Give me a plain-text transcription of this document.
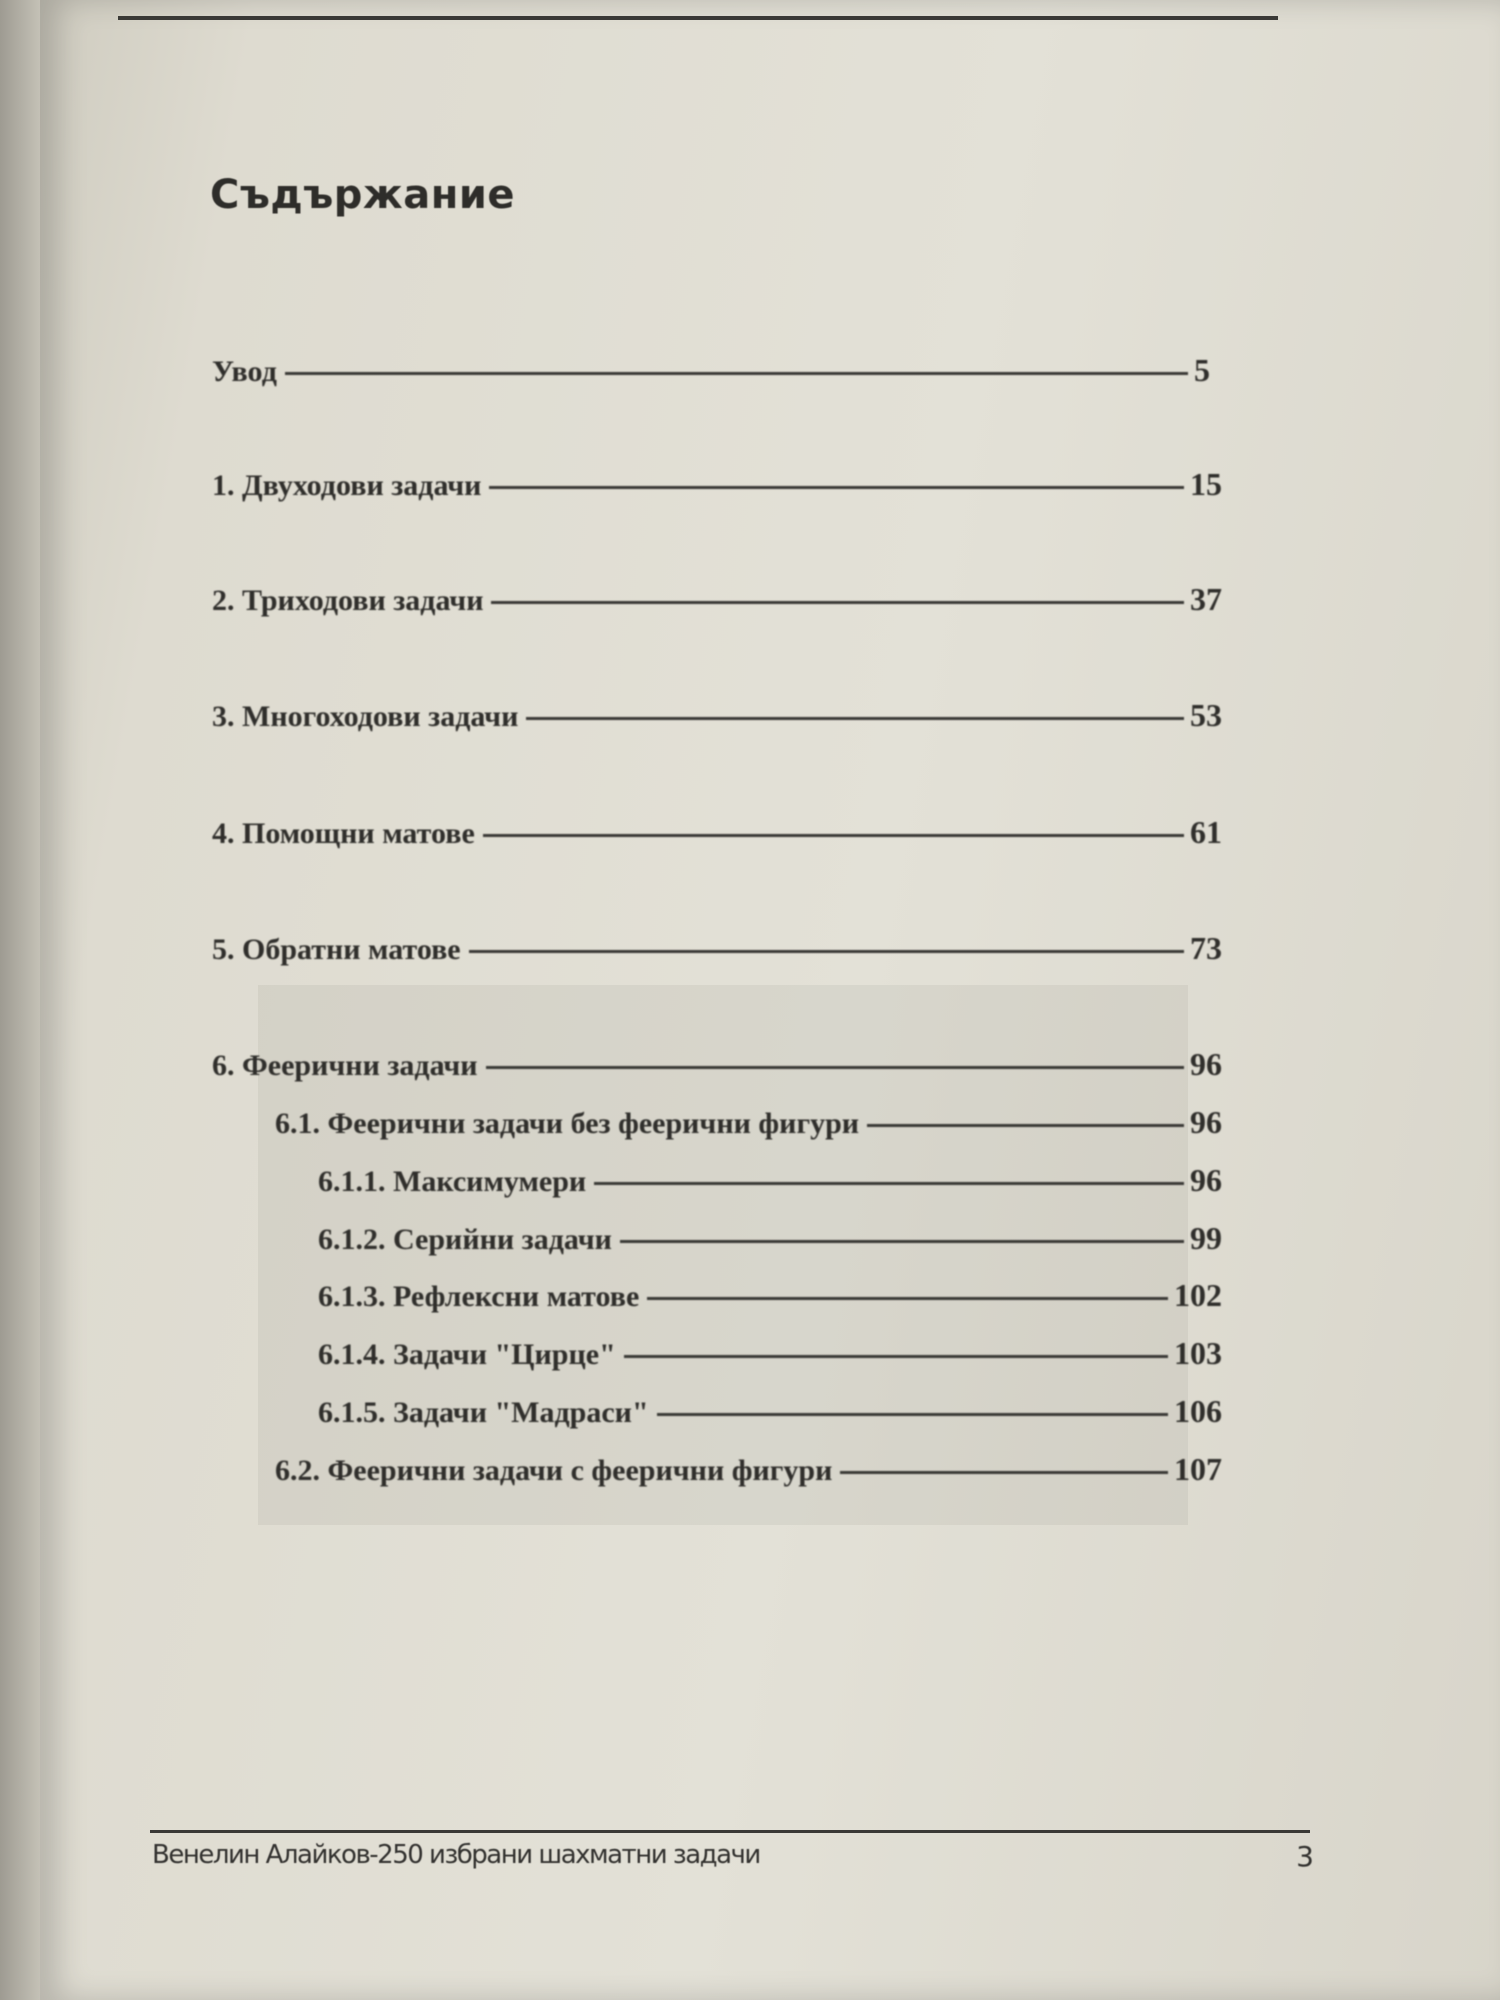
Съдържание
Увод	5
1. Двуходови задачи	15
2. Триходови задачи	37
3. Многоходови задачи	53
4. Помощни матове	61
5. Обратни матове	73
6. Феерични задачи	96
6.1. Феерични задачи без феерични фигури	96
6.1.1. Максимумери	96
6.1.2. Серийни задачи	99
6.1.3. Рефлексни матове	102
6.1.4. Задачи "Цирце"	103
6.1.5. Задачи "Мадраси"	106
6.2. Феерични задачи с феерични фигури	107
Венелин Алайков-250 избрани шахматни задачи	3
